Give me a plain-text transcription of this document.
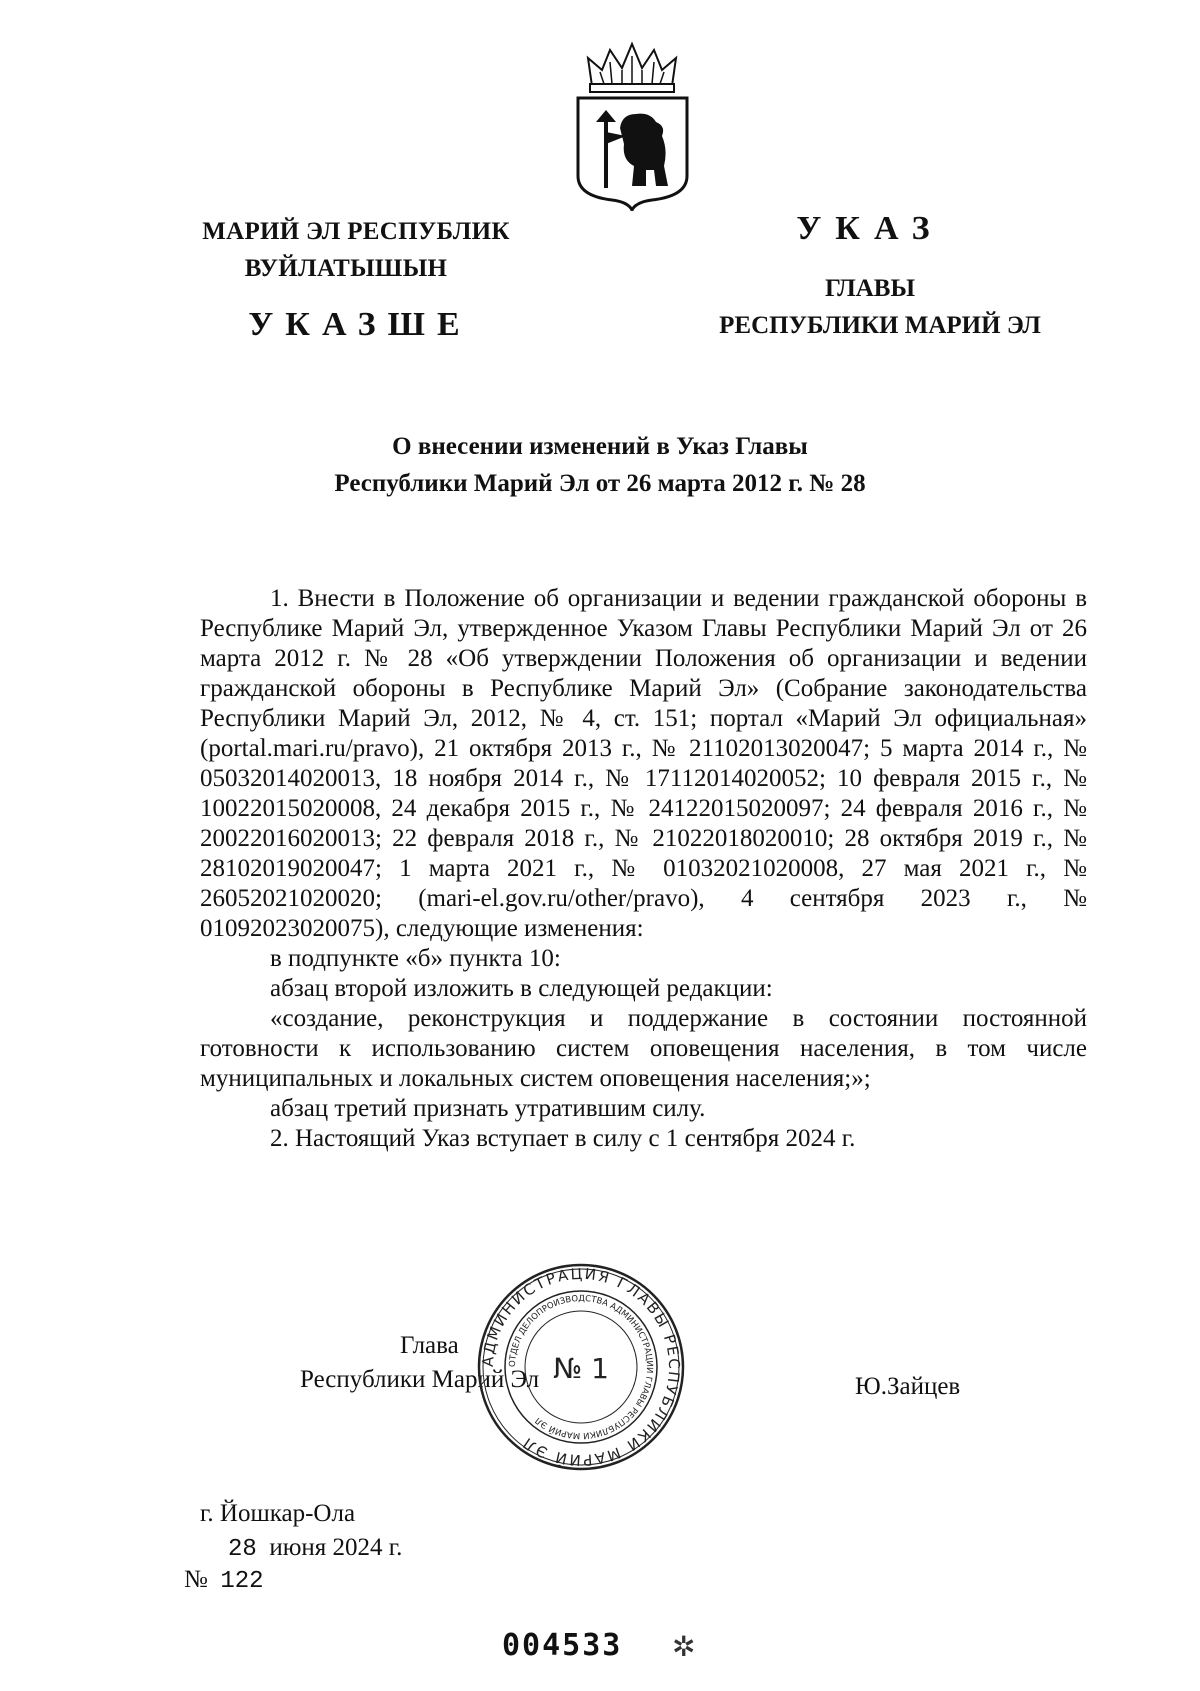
МАРИЙ ЭЛ РЕСПУБЛИК
ВУЙЛАТЫШЫН
УКАЗШЕ
УКАЗ
ГЛАВЫ
РЕСПУБЛИКИ МАРИЙ ЭЛ
О внесении изменений в Указ Главы
Республики Марий Эл от 26 марта 2012 г. № 28

1. Внести в Положение об организации и ведении гражданской обороны в Республике Марий Эл, утвержденное Указом Главы Республики Марий Эл от 26 марта 2012 г. № 28 «Об утверждении Положения об организации и ведении гражданской обороны в Республике Марий Эл» (Собрание законодательства Республики Марий Эл, 2012, № 4, ст. 151; портал «Марий Эл официальная» (portal.mari.ru/pravo), 21 октября 2013 г., № 21102013020047; 5 марта 2014 г., № 05032014020013, 18 ноября 2014 г., № 17112014020052; 10 февраля 2015 г., № 10022015020008, 24 декабря 2015 г., № 24122015020097; 24 февраля 2016 г., № 20022016020013; 22 февраля 2018 г., № 21022018020010; 28 октября 2019 г., № 28102019020047; 1 марта 2021 г., № 01032021020008, 27 мая 2021 г., № 26052021020020; (mari-el.gov.ru/other/pravo), 4 сентября 2023 г., № 01092023020075), следующие изменения:

в подпункте «б» пункта 10:

абзац второй изложить в следующей редакции:

«создание, реконструкция и поддержание в состоянии постоянной готовности к использованию систем оповещения населения, в том числе муниципальных и локальных систем оповещения населения;»;

абзац третий признать утратившим силу.

2. Настоящий Указ вступает в силу с 1 сентября 2024 г.

Глава
Республики Марий Эл	Ю.Зайцев
АДМИНИСТРАЦИЯ ГЛАВЫ РЕСПУБЛИКИ МАРИЙ ЭЛ
ОТДЕЛ ДЕЛОПРОИЗВОДСТВА АДМИНИСТРАЦИИ ГЛАВЫ РЕСПУБЛИКИ МАРИЙ ЭЛ
№ 1
г. Йошкар-Ола
28 июня 2024 г.
№ 122
004533 ✲
